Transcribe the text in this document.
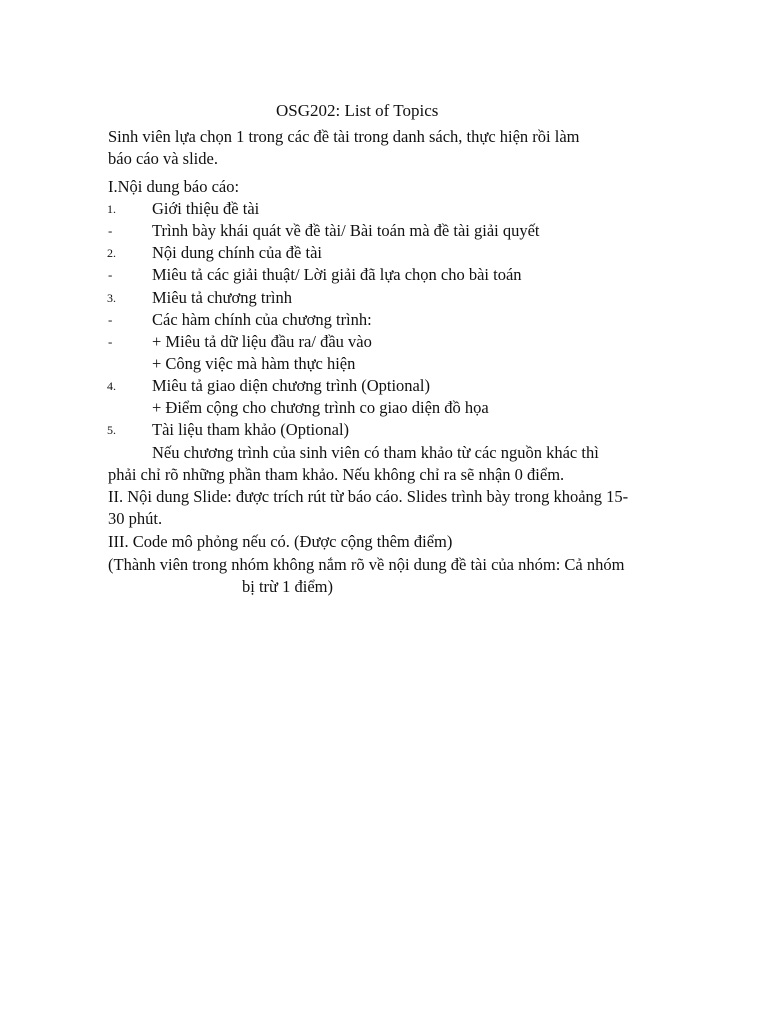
OSG202: List of Topics
Sinh viên lựa chọn 1 trong các đề tài trong danh sách, thực hiện rồi làm
báo cáo và slide.
I.Nội dung báo cáo:
1. Giới thiệu đề tài
- Trình bày khái quát về đề tài/ Bài toán mà đề tài giải quyết
2. Nội dung chính của đề tài
- Miêu tả các giải thuật/ Lời giải đã lựa chọn cho bài toán
3. Miêu tả chương trình
- Các hàm chính của chương trình:
- + Miêu tả dữ liệu đầu ra/ đầu vào
+ Công việc mà hàm thực hiện
4. Miêu tả giao diện chương trình (Optional)
+ Điểm cộng cho chương trình co giao diện đồ họa
5. Tài liệu tham khảo (Optional)
Nếu chương trình của sinh viên có tham khảo từ các nguồn khác thì
phải chỉ rõ những phần tham khảo. Nếu không chỉ ra sẽ nhận 0 điểm.
II. Nội dung Slide: được trích rút từ báo cáo. Slides trình bày trong khoảng 15-
30 phút.
III. Code mô phỏng nếu có. (Được cộng thêm điểm)
(Thành viên trong nhóm không nắm rõ về nội dung đề tài của nhóm: Cả nhóm
bị trừ 1 điểm)
